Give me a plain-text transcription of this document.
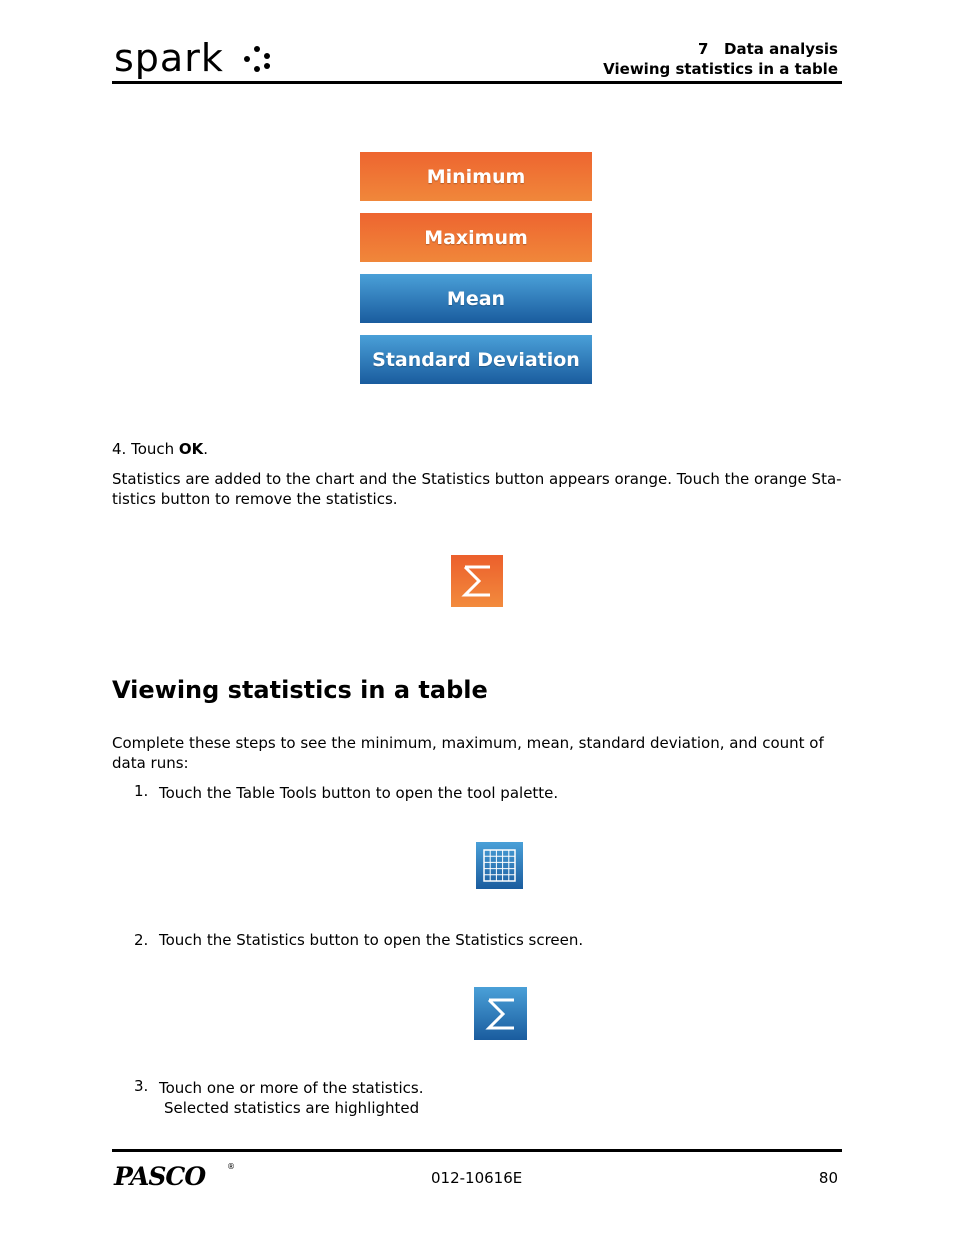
spark	™
7   Data analysis
Viewing statistics in a table
Minimum
Maximum
Mean
Standard Deviation
4. Touch OK.
Statistics are added to the chart and the Statistics button appears orange. Touch the orange Sta-
tistics button to remove the statistics.
Viewing statistics in a table
Complete these steps to see the minimum, maximum, mean, standard deviation, and count of
data runs:
1. Touch the Table Tools button to open the tool palette.
2. Touch the Statistics button to open the Statistics screen.
3. Touch one or more of the statistics.
Selected statistics are highlighted
PASCO	®
012-10616E	80
